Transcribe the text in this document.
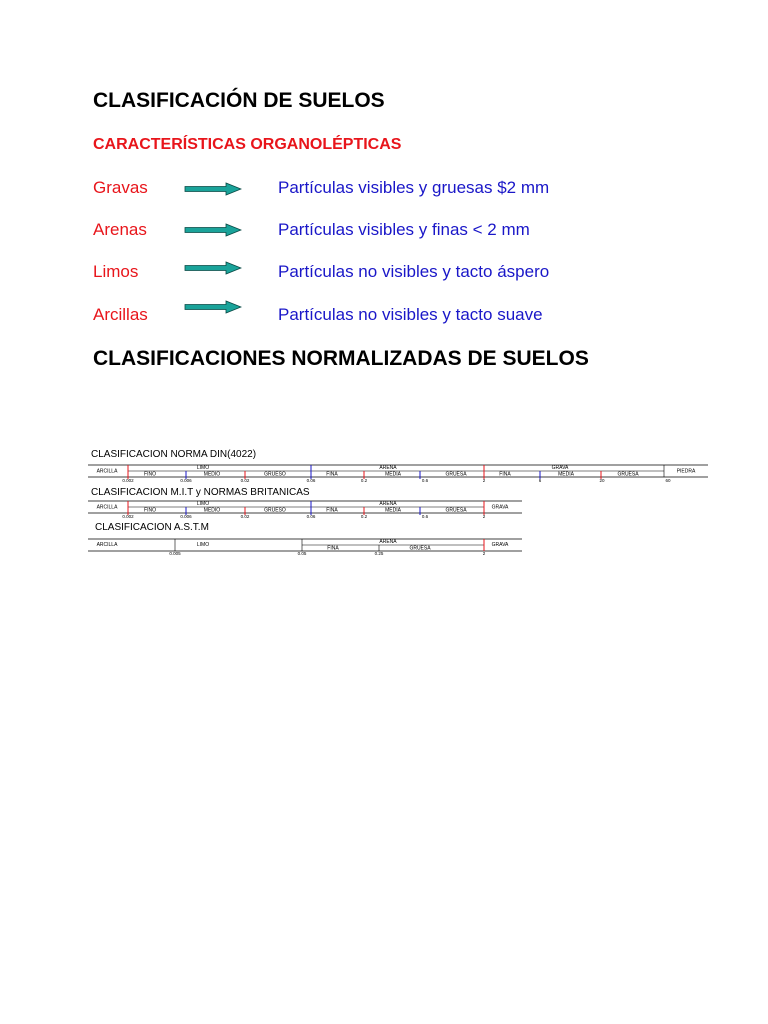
CLASIFICACIÓN DE SUELOS
CARACTERÍSTICAS ORGANOLÉPTICAS
Gravas	Partículas visibles y gruesas $2 mm
Arenas	Partículas visibles y finas < 2 mm
Limos	Partículas no visibles y tacto áspero
Arcillas	Partículas no visibles y tacto suave
CLASIFICACIONES NORMALIZADAS DE SUELOS
CLASIFICACION NORMA DIN(4022)
CLASIFICACION M.I.T y NORMAS BRITANICAS
CLASIFICACION A.S.T.M
ARCILLA
LIMO	ARENA	GRAVA
PIEDRA
FINO	MEDIO	GRUESO	FINA	MEDIA	GRUESA	FINA	MEDIA	GRUESA
0.002	0.006	0.02	0.06	0.2	0.6	2	6	20	60
ARCILLA
LIMO	ARENA
GRAVA
FINO	MEDIO	GRUESO	FINA	MEDIA	GRUESA
0.002	0.006	0.02	0.06	0.2	0.6	2
ARCILLA	LIMO	ARENA	GRAVA
FINA	GRUESA
0.005	0.05	0.25	2
